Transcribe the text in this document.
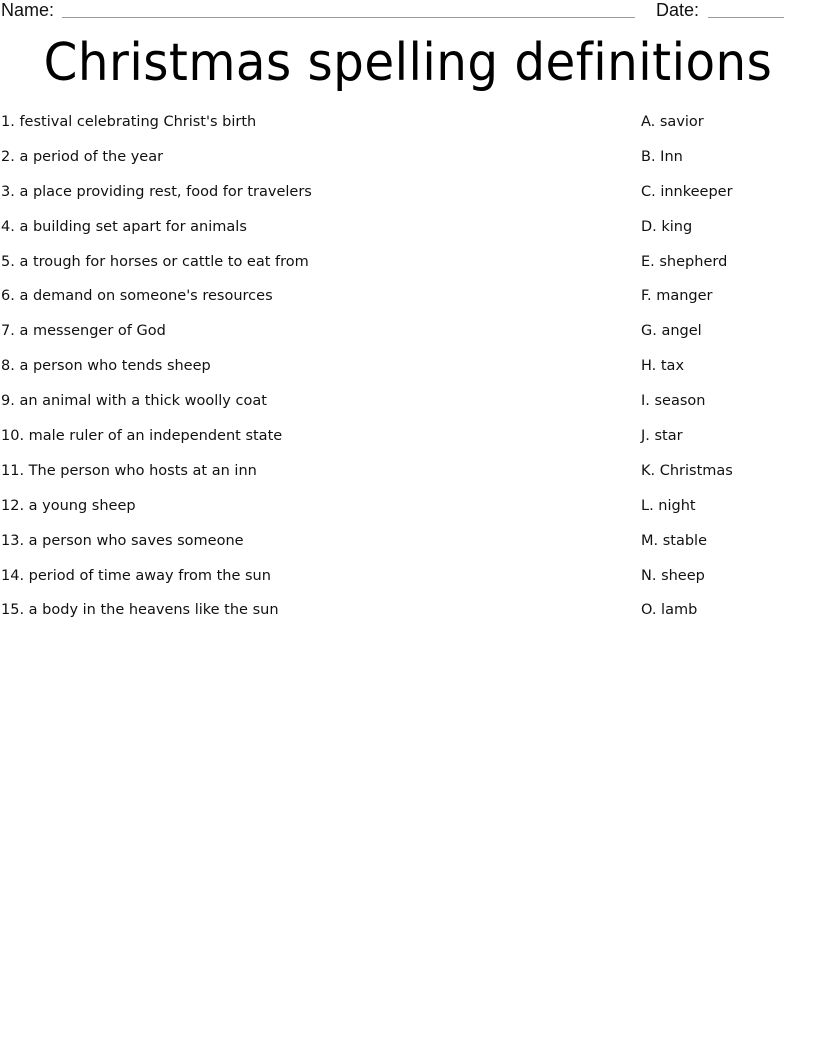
Name:	Date:
Christmas spelling definitions
1. festival celebrating Christ's birth
2. a period of the year
3. a place providing rest, food for travelers
4. a building set apart for animals
5. a trough for horses or cattle to eat from
6. a demand on someone's resources
7. a messenger of God
8. a person who tends sheep
9. an animal with a thick woolly coat
10. male ruler of an independent state
11. The person who hosts at an inn
12. a young sheep
13. a person who saves someone
14. period of time away from the sun
15. a body in the heavens like the sun
A. savior
B. Inn
C. innkeeper
D. king
E. shepherd
F. manger
G. angel
H. tax
I. season
J. star
K. Christmas
L. night
M. stable
N. sheep
O. lamb
